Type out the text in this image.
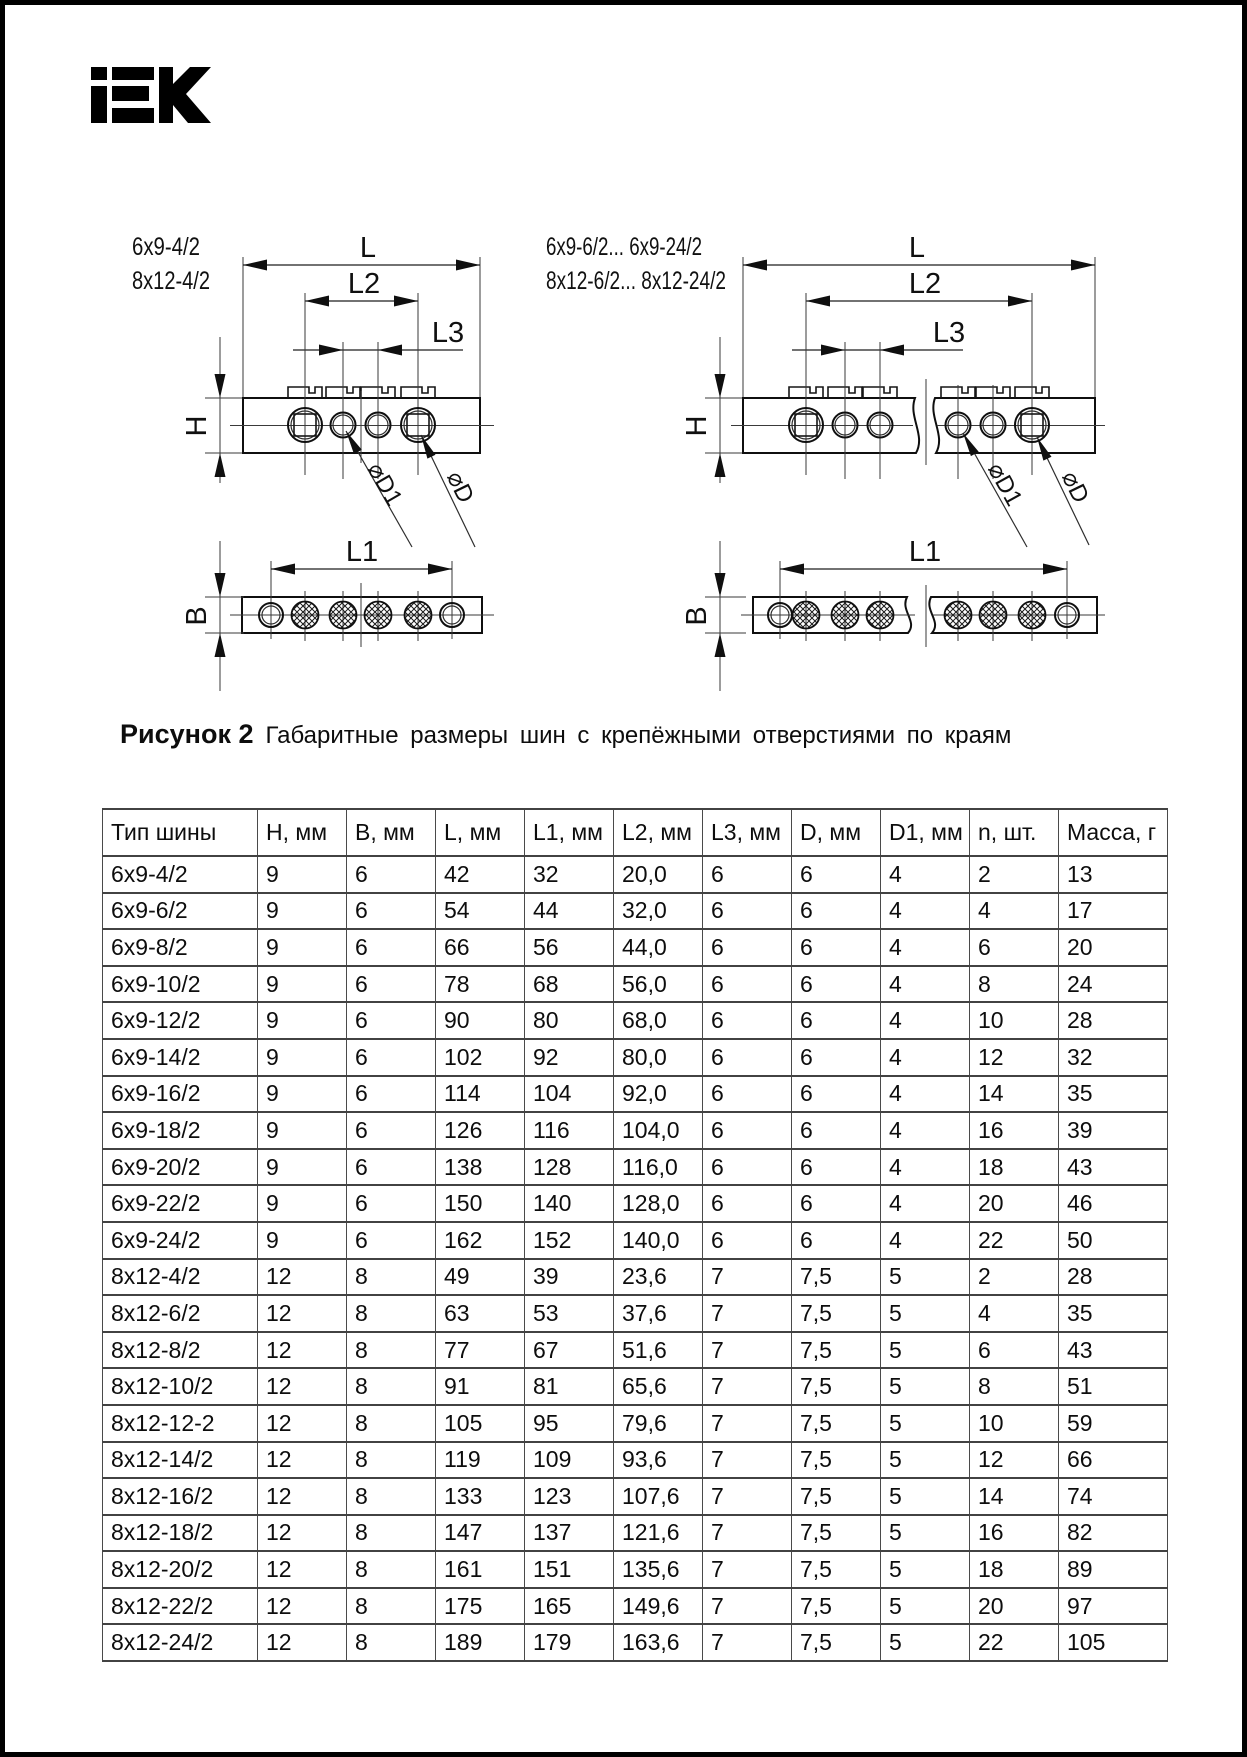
6x9-4/2
8x12-4/2
L
L2
L3
H
⌀D1 ⌀D
L1
B
6x9-6/2... 6x9-24/2
8x12-6/2... 8x12-24/2
L
L2
L3
H
⌀D1 ⌀D
L1
B
Рисунок 2 Габаритные размеры шин с крепёжными отверстиями по краям
Тип шины	H, мм	B, мм	L, мм	L1, мм	L2, мм	L3, мм	D, мм	D1, мм	n, шт.	Масса, г
6x9-4/2	9	6	42	32	20,0	6	6	4	2	13
6x9-6/2	9	6	54	44	32,0	6	6	4	4	17
6x9-8/2	9	6	66	56	44,0	6	6	4	6	20
6x9-10/2	9	6	78	68	56,0	6	6	4	8	24
6x9-12/2	9	6	90	80	68,0	6	6	4	10	28
6x9-14/2	9	6	102	92	80,0	6	6	4	12	32
6x9-16/2	9	6	114	104	92,0	6	6	4	14	35
6x9-18/2	9	6	126	116	104,0	6	6	4	16	39
6x9-20/2	9	6	138	128	116,0	6	6	4	18	43
6x9-22/2	9	6	150	140	128,0	6	6	4	20	46
6x9-24/2	9	6	162	152	140,0	6	6	4	22	50
8x12-4/2	12	8	49	39	23,6	7	7,5	5	2	28
8x12-6/2	12	8	63	53	37,6	7	7,5	5	4	35
8x12-8/2	12	8	77	67	51,6	7	7,5	5	6	43
8x12-10/2	12	8	91	81	65,6	7	7,5	5	8	51
8x12-12-2	12	8	105	95	79,6	7	7,5	5	10	59
8x12-14/2	12	8	119	109	93,6	7	7,5	5	12	66
8x12-16/2	12	8	133	123	107,6	7	7,5	5	14	74
8x12-18/2	12	8	147	137	121,6	7	7,5	5	16	82
8x12-20/2	12	8	161	151	135,6	7	7,5	5	18	89
8x12-22/2	12	8	175	165	149,6	7	7,5	5	20	97
8x12-24/2	12	8	189	179	163,6	7	7,5	5	22	105
